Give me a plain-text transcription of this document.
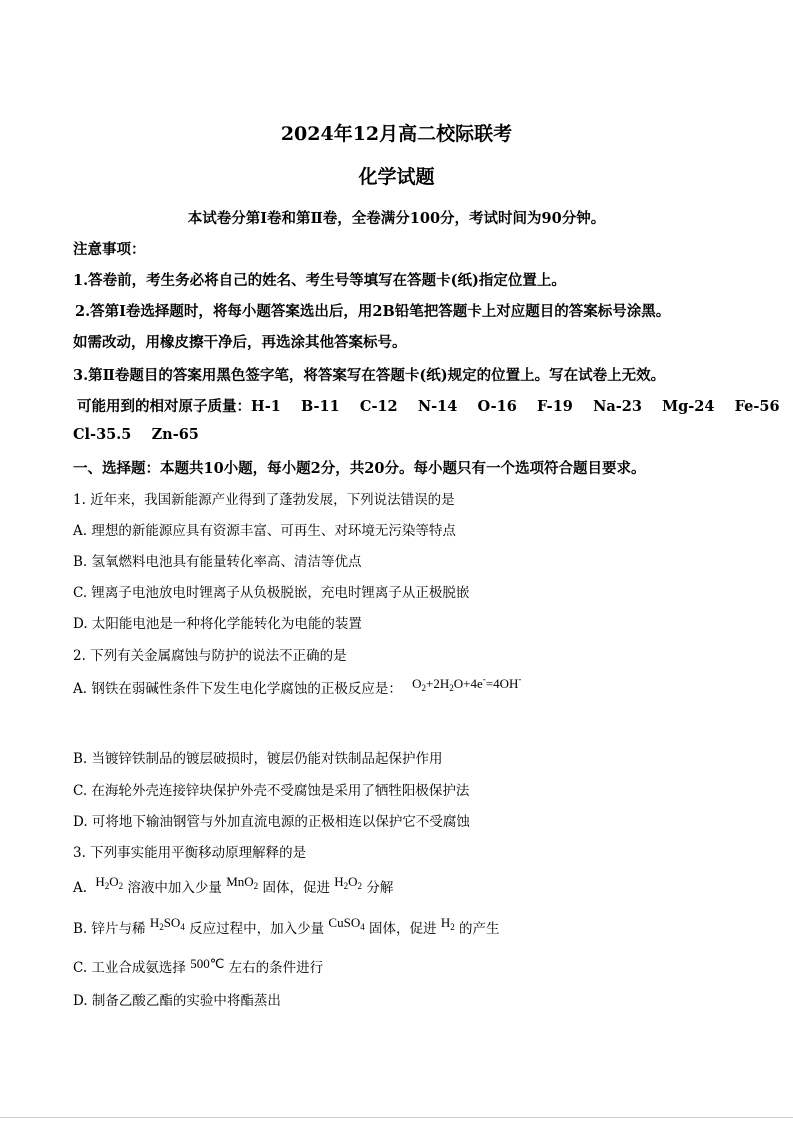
2024年12月高二校际联考
化学试题
本试卷分第Ⅰ卷和第Ⅱ卷，全卷满分100分，考试时间为90分钟。
注意事项：
1.答卷前，考生务必将自己的姓名、考生号等填写在答题卡(纸)指定位置上。
2.答第Ⅰ卷选择题时，将每小题答案选出后，用2B铅笔把答题卡上对应题目的答案标号涂黑。
如需改动，用橡皮擦干净后，再选涂其他答案标号。
3.第Ⅱ卷题目的答案用黑色签字笔，将答案写在答题卡(纸)规定的位置上。写在试卷上无效。
可能用到的相对原子质量：H-1    B-11    C-12    N-14    O-16    F-19    Na-23    Mg-24    Fe-56
Cl-35.5    Zn-65
一、选择题：本题共10小题，每小题2分，共20分。每小题只有一个选项符合题目要求。
1. 近年来，我国新能源产业得到了蓬勃发展，下列说法错误的是
A. 理想的新能源应具有资源丰富、可再生、对环境无污染等特点
B. 氢氧燃料电池具有能量转化率高、清洁等优点
C. 锂离子电池放电时锂离子从负极脱嵌，充电时锂离子从正极脱嵌
D. 太阳能电池是一种将化学能转化为电能的装置
2. 下列有关金属腐蚀与防护的说法不正确的是
A. 钢铁在弱碱性条件下发生电化学腐蚀的正极反应是： $O_2+2H_2O+4e^-=4OH^-$
B. 当镀锌铁制品的镀层破损时，镀层仍能对铁制品起保护作用
C. 在海轮外壳连接锌块保护外壳不受腐蚀是采用了牺牲阳极保护法
D. 可将地下输油钢管与外加直流电源的正极相连以保护它不受腐蚀
3. 下列事实能用平衡移动原理解释的是
A. $H_2O_2$ 溶液中加入少量 MnO$_2$ 固体，促进 $H_2O_2$ 分解
B. 锌片与稀 $H_2SO_4$ 反应过程中，加入少量 CuSO$_4$ 固体，促进 $H_2$ 的产生
C. 工业合成氨选择 500℃ 左右的条件进行
D. 制备乙酸乙酯的实验中将酯蒸出
